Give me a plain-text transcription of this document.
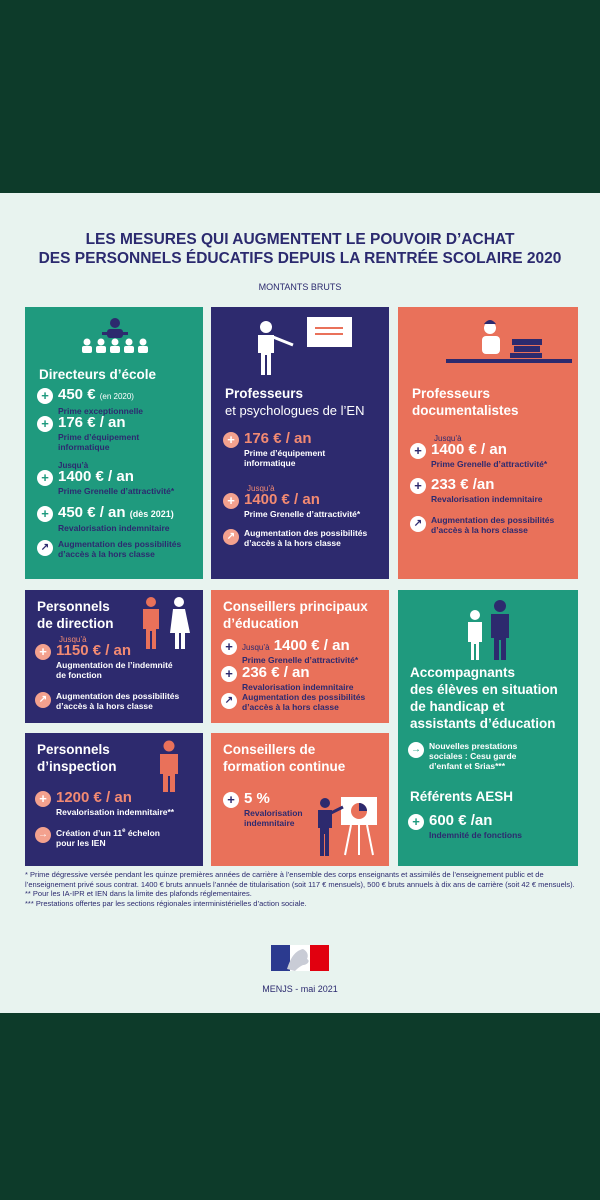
LES MESURES QUI AUGMENTENT LE POUVOIR D’ACHAT
DES PERSONNELS ÉDUCATIFS DEPUIS LA RENTRÉE SCOLAIRE 2020
MONTANTS BRUTS
Directeurs d’école
+ 450 € (en 2020)
Prime exceptionnelle
+ 176 € / an
Prime d’équipement
informatique
Jusqu’à
+ 1400 € / an
Prime Grenelle d’attractivité*
+ 450 € / an (dès 2021)
Revalorisation indemnitaire
↗	Augmentation des possibilités
d’accès à la hors classe
Professeurs
et psychologues de l’EN
+ 176 € / an
Prime d’équipement
informatique
Jusqu’à
+ 1400 € / an
Prime Grenelle d’attractivité*
↗	Augmentation des possibilités
d’accès à la hors classe
Professeurs
documentalistes
Jusqu’à
+ 1400 € / an
Prime Grenelle d’attractivité*
+ 233 € /an
Revalorisation indemnitaire
↗	Augmentation des possibilités
d’accès à la hors classe
Personnels
de direction
Jusqu’à
+ 1150 € / an
Augmentation de l’indemnité
de fonction
↗	Augmentation des possibilités
d’accès à la hors classe
Conseillers principaux
d’éducation
+	Jusqu’à 1400 € / an
Prime Grenelle d’attractivité*
+ 236 € / an
Revalorisation indemnitaire
↗	Augmentation des possibilités
d’accès à la hors classe
Accompagnants
des élèves en situation
de handicap et
assistants d’éducation
→ Nouvelles prestations
sociales : Cesu garde
d’enfant et Srias***
Référents AESH
+ 600 € /an
Indemnité de fonctions
Personnels
d’inspection
+ 1200 € / an
Revalorisation indemnitaire**
→ Création d’un 11e échelon
pour les IEN
Conseillers de
formation continue
+ 5 %
Revalorisation
indemnitaire
* Prime dégressive versée pendant les quinze premières années de carrière à l’ensemble des corps enseignants et assimilés de l’enseignement public et de l’enseignement privé sous contrat. 1400 € bruts annuels l’année de titularisation (soit 117 € mensuels), 500 € bruts annuels à dix ans de carrière (soit 42 € mensuels).
** Pour les IA-IPR et IEN dans la limite des plafonds réglementaires.
*** Prestations offertes par les sections régionales interministérielles d’action sociale.
MENJS - mai 2021
